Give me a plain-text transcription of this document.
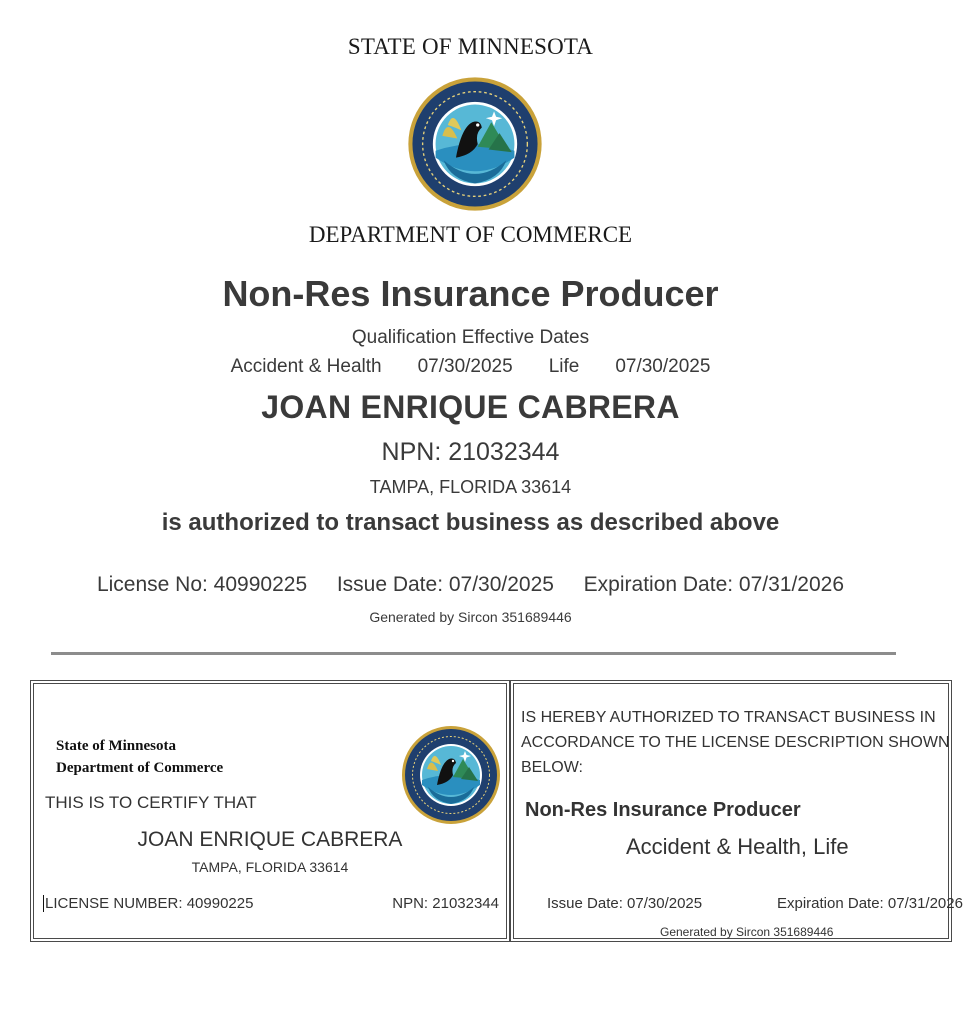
STATE OF MINNESOTA
DEPARTMENT OF COMMERCE
Non-Res Insurance Producer
Qualification Effective Dates
Accident & Health 07/30/2025 Life 07/30/2025
JOAN ENRIQUE CABRERA
NPN: 21032344
TAMPA, FLORIDA 33614
is authorized to transact business as described above
License No: 40990225 Issue Date: 07/30/2025 Expiration Date: 07/31/2026
Generated by Sircon 351689446
State of Minnesota
Department of Commerce
THIS IS TO CERTIFY THAT
JOAN ENRIQUE CABRERA
TAMPA, FLORIDA 33614
LICENSE NUMBER: 40990225	NPN: 21032344
IS HEREBY AUTHORIZED TO TRANSACT BUSINESS IN
ACCORDANCE TO THE LICENSE DESCRIPTION SHOWN
BELOW:
Non-Res Insurance Producer
Accident & Health, Life
Issue Date: 07/30/2025	Expiration Date: 07/31/2026
Generated by Sircon 351689446
